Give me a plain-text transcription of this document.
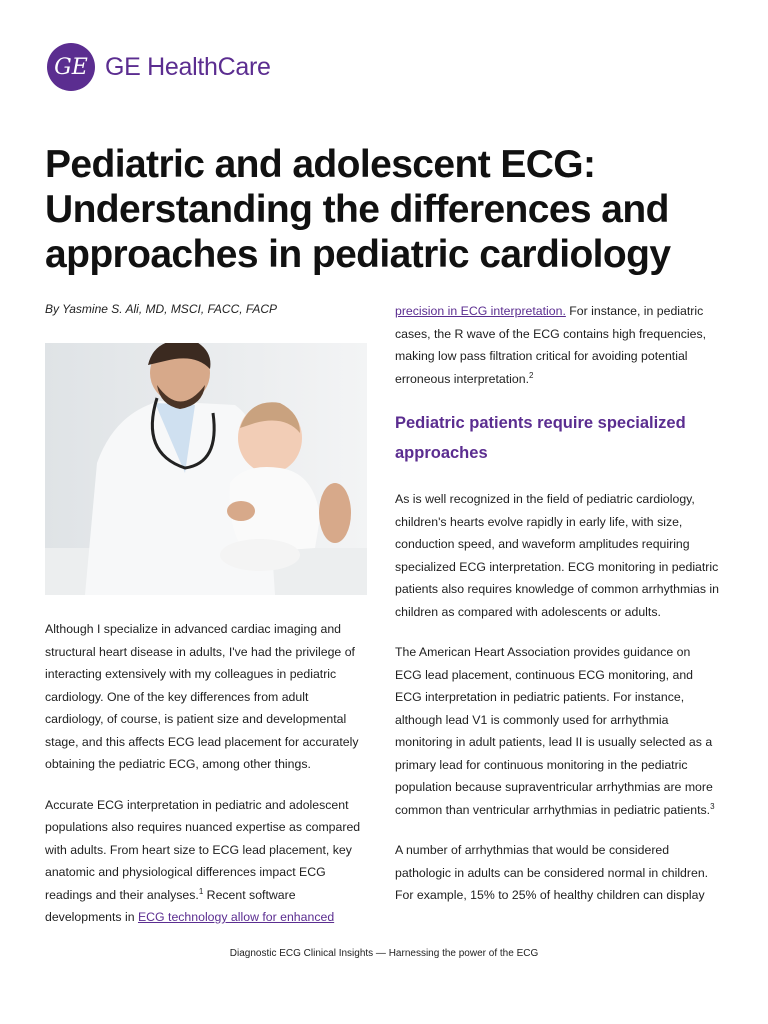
GE GE HealthCare
Pediatric and adolescent ECG: Understanding the differences and approaches in pediatric cardiology
By Yasmine S. Ali, MD, MSCI, FACC, FACP

Although I specialize in advanced cardiac imaging and structural heart disease in adults, I've had the privilege of interacting extensively with my colleagues in pediatric cardiology. One of the key differences from adult cardiology, of course, is patient size and developmental stage, and this affects ECG lead placement for accurately obtaining the pediatric ECG, among other things.

Accurate ECG interpretation in pediatric and adolescent populations also requires nuanced expertise as compared with adults. From heart size to ECG lead placement, key anatomic and physiological differences impact ECG readings and their analyses.$^1$ Recent software developments in ECG technology allow for enhanced

precision in ECG interpretation. For instance, in pediatric cases, the R wave of the ECG contains high frequencies, making low pass filtration critical for avoiding potential erroneous interpretation.$^2$

Pediatric patients require specialized approaches

As is well recognized in the field of pediatric cardiology, children's hearts evolve rapidly in early life, with size, conduction speed, and waveform amplitudes requiring specialized ECG interpretation. ECG monitoring in pediatric patients also requires knowledge of common arrhythmias in children as compared with adolescents or adults.

The American Heart Association provides guidance on ECG lead placement, continuous ECG monitoring, and ECG interpretation in pediatric patients. For instance, although lead V1 is commonly used for arrhythmia monitoring in adult patients, lead II is usually selected as a primary lead for continuous monitoring in the pediatric population because supraventricular arrhythmias are more common than ventricular arrhythmias in pediatric patients.$^3$

A number of arrhythmias that would be considered pathologic in adults can be considered normal in children. For example, 15% to 25% of healthy children can display

Diagnostic ECG Clinical Insights — Harnessing the power of the ECG
